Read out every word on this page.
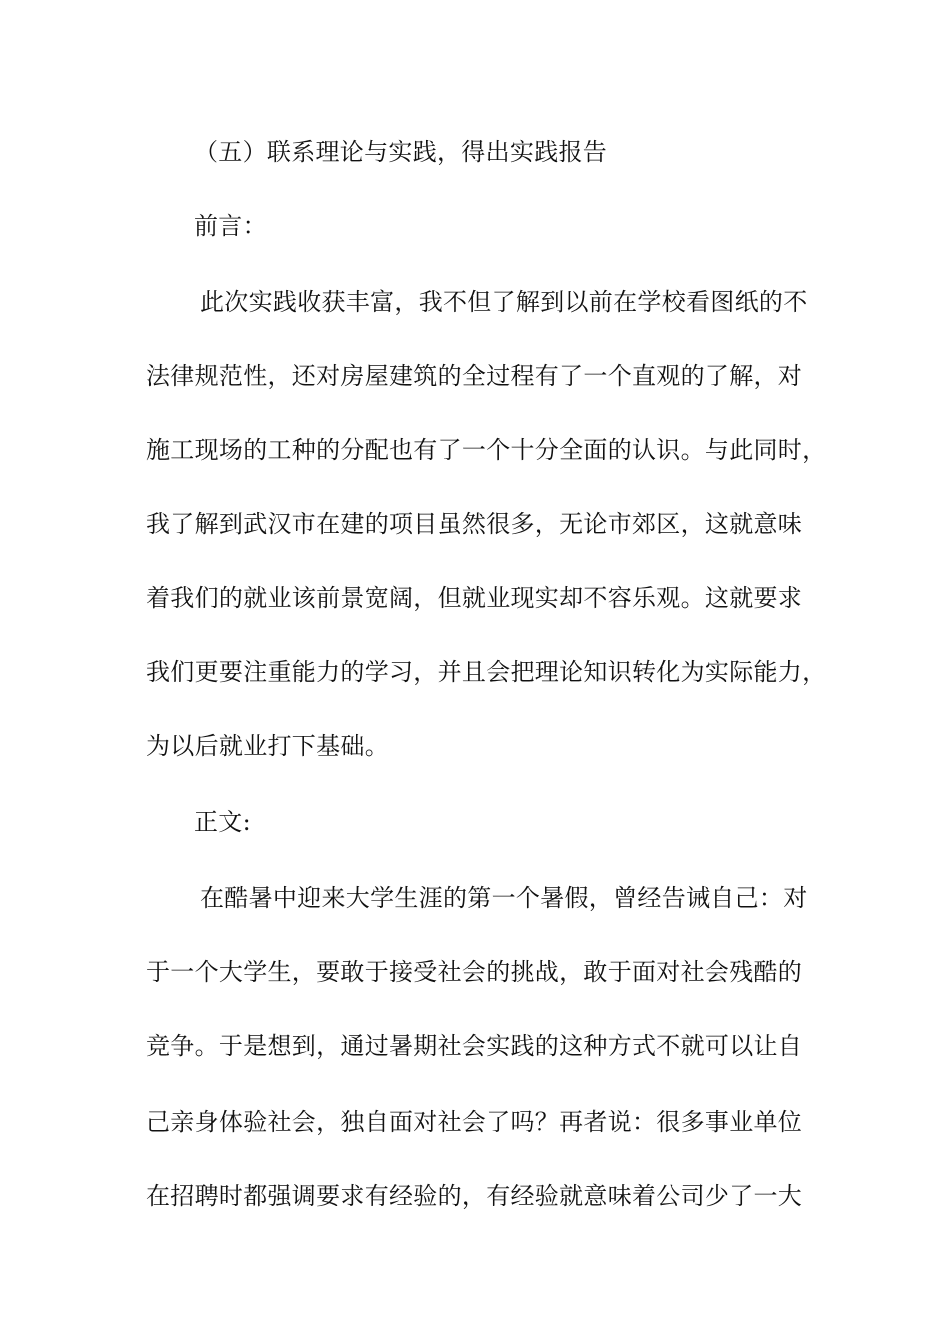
（五）联系理论与实践，得出实践报告
前言：
此次实践收获丰富，我不但了解到以前在学校看图纸的不
法律规范性，还对房屋建筑的全过程有了一个直观的了解，对
施工现场的工种的分配也有了一个十分全面的认识。与此同时，
我了解到武汉市在建的项目虽然很多，无论市郊区，这就意味
着我们的就业该前景宽阔，但就业现实却不容乐观。这就要求
我们更要注重能力的学习，并且会把理论知识转化为实际能力，
为以后就业打下基础。
正文:
在酷暑中迎来大学生涯的第一个暑假，曾经告诫自己：对
于一个大学生，要敢于接受社会的挑战，敢于面对社会残酷的
竞争。于是想到，通过暑期社会实践的这种方式不就可以让自
己亲身体验社会，独自面对社会了吗？再者说：很多事业单位
在招聘时都强调要求有经验的，有经验就意味着公司少了一大
